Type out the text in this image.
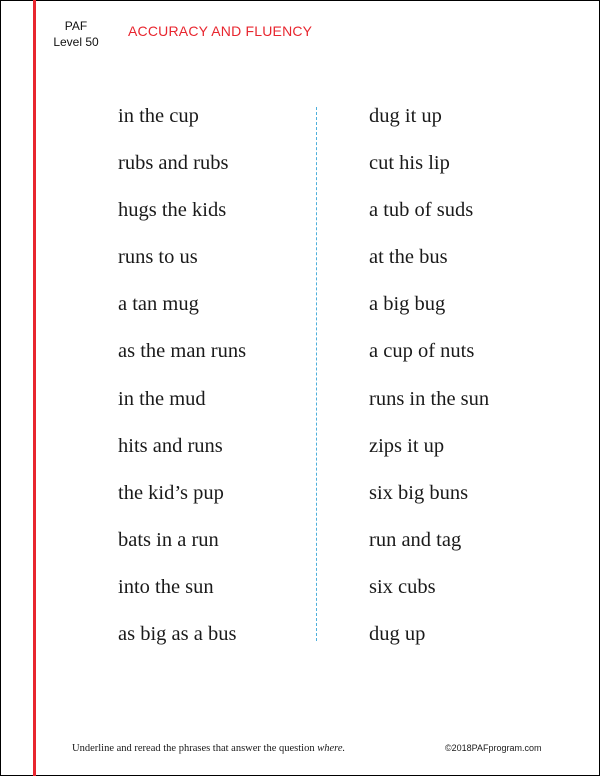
PAF
Level 50
ACCURACY AND FLUENCY
in the cup
rubs and rubs
hugs the kids
runs to us
a tan mug
as the man runs
in the mud
hits and runs
the kid’s pup
bats in a run
into the sun
as big as a bus
dug it up
cut his lip
a tub of suds
at the bus
a big bug
a cup of nuts
runs in the sun
zips it up
six big buns
run and tag
six cubs
dug up
Underline and reread the phrases that answer the question where.	©2018PAFprogram.com
